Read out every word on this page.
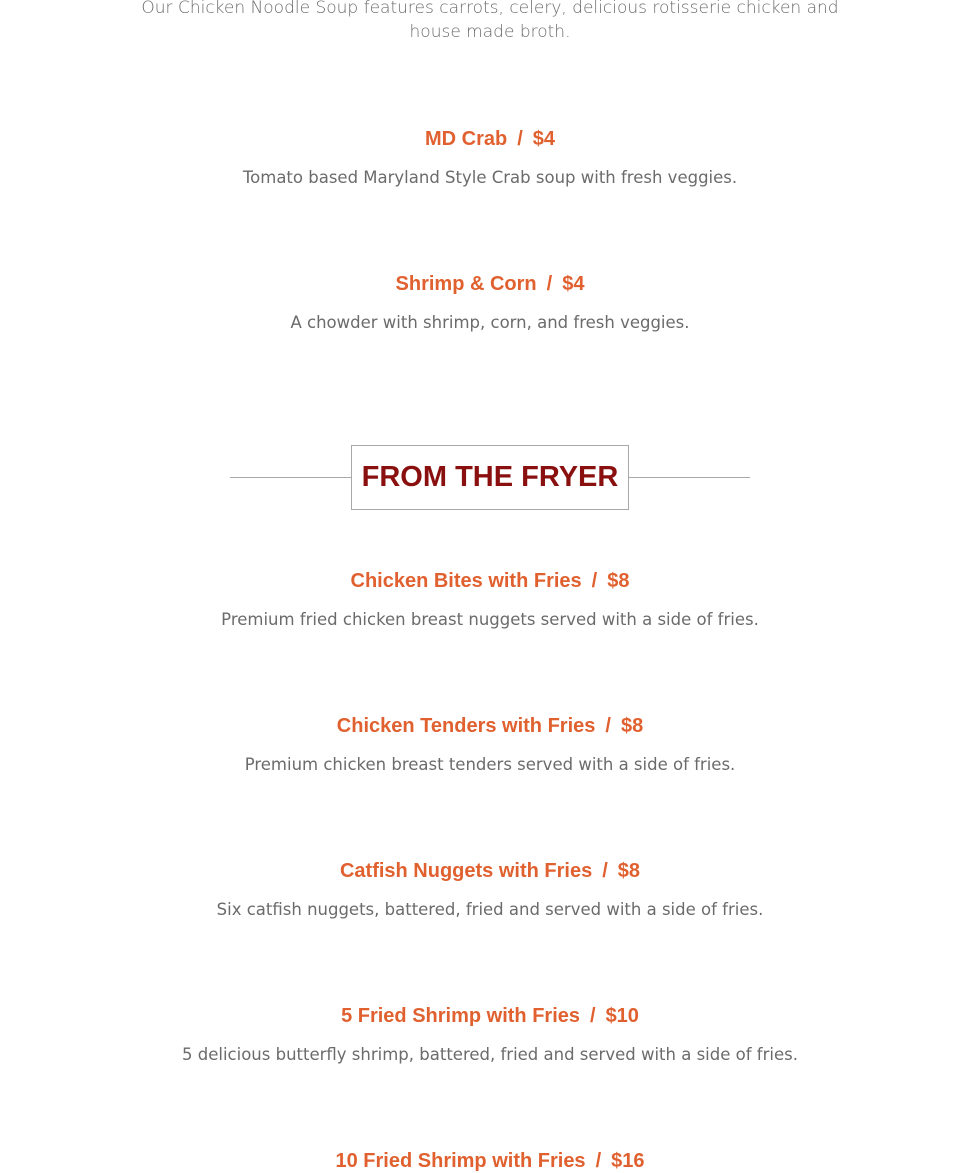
Our Chicken Noodle Soup features carrots, celery, delicious rotisserie chicken and house made broth.
MD Crab / $4
Tomato based Maryland Style Crab soup with fresh veggies.
Shrimp & Corn / $4
A chowder with shrimp, corn, and fresh veggies.
FROM THE FRYER
Chicken Bites with Fries / $8
Premium fried chicken breast nuggets served with a side of fries.
Chicken Tenders with Fries / $8
Premium chicken breast tenders served with a side of fries.
Catfish Nuggets with Fries / $8
Six catfish nuggets, battered, fried and served with a side of fries.
5 Fried Shrimp with Fries / $10
5 delicious butterfly shrimp, battered, fried and served with a side of fries.
10 Fried Shrimp with Fries / $16
